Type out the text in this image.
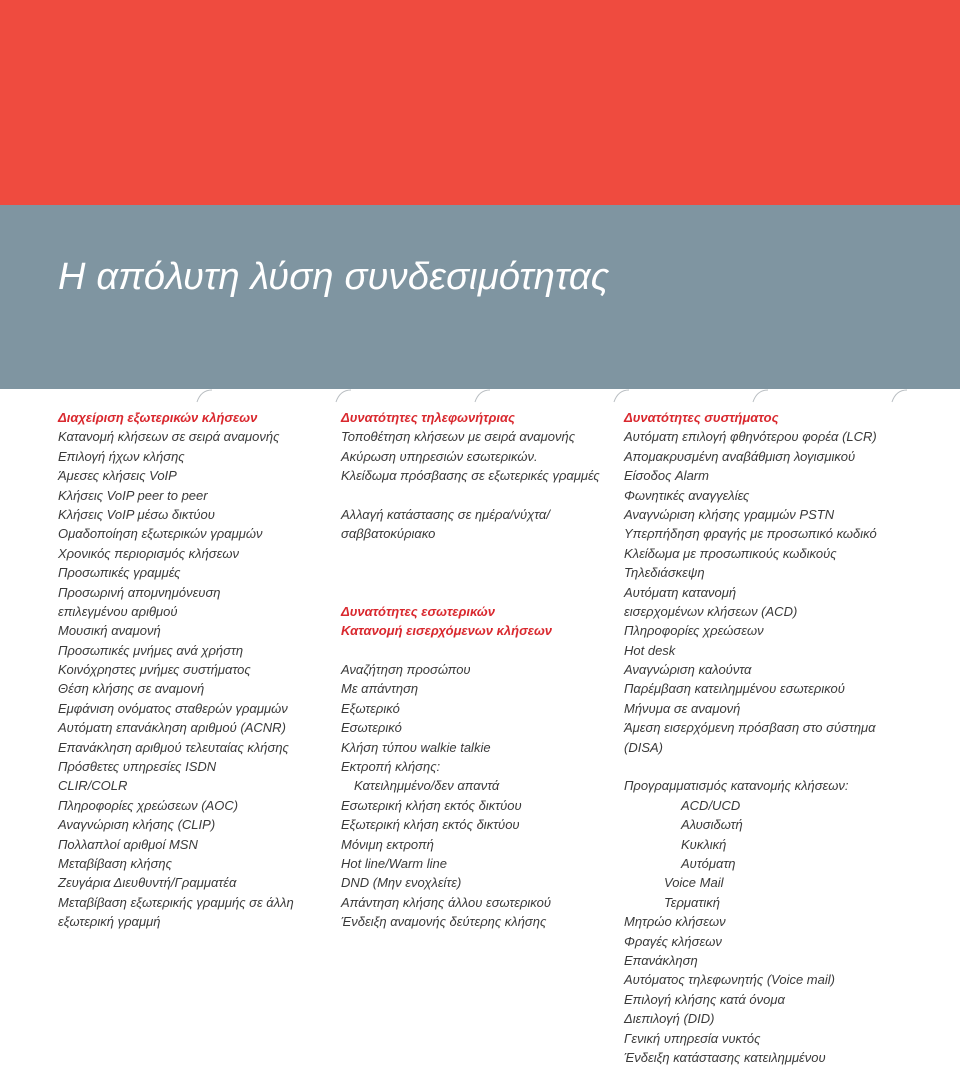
Η απόλυτη λύση συνδεσιμότητας
Διαχείριση εξωτερικών κλήσεων
Κατανομή κλήσεων σε σειρά αναμονής
Επιλογή ήχων κλήσης
Άμεσες κλήσεις VoIP
Κλήσεις VoIP peer to peer
Κλήσεις VoIP μέσω δικτύου
Ομαδοποίηση εξωτερικών γραμμών
Χρονικός περιορισμός κλήσεων
Προσωπικές γραμμές
Προσωρινή απομνημόνευση
επιλεγμένου αριθμού
Μουσική αναμονή
Προσωπικές μνήμες ανά χρήστη
Κοινόχρηστες μνήμες συστήματος
Θέση κλήσης σε αναμονή
Εμφάνιση ονόματος σταθερών γραμμών
Αυτόματη επανάκληση αριθμού (ACNR)
Επανάκληση αριθμού τελευταίας κλήσης
Πρόσθετες υπηρεσίες ISDN
CLIR/COLR
Πληροφορίες χρεώσεων (AOC)
Αναγνώριση κλήσης (CLIP)
Πολλαπλοί αριθμοί MSN
Μεταβίβαση κλήσης
Ζευγάρια Διευθυντή/Γραμματέα
Μεταβίβαση εξωτερικής γραμμής σε άλλη
εξωτερική γραμμή
Δυνατότητες τηλεφωνήτριας
Τοποθέτηση κλήσεων με σειρά αναμονής
Ακύρωση υπηρεσιών εσωτερικών.
Κλείδωμα πρόσβασης σε εξωτερικές γραμμές
Αλλαγή κατάστασης σε ημέρα/νύχτα/
σαββατοκύριακο
Δυνατότητες εσωτερικών
Κατανομή εισερχόμενων κλήσεων
Αναζήτηση προσώπου
Με απάντηση
Εξωτερικό
Εσωτερικό
Κλήση τύπου walkie talkie
Εκτροπή κλήσης:
Κατειλημμένο/δεν απαντά
Εσωτερική κλήση εκτός δικτύου
Εξωτερική κλήση εκτός δικτύου
Μόνιμη εκτροπή
Hot line/Warm line
DND (Μην ενοχλείτε)
Απάντηση κλήσης άλλου εσωτερικού
Ένδειξη αναμονής δεύτερης κλήσης
Δυνατότητες συστήματος
Αυτόματη επιλογή φθηνότερου φορέα (LCR)
Απομακρυσμένη αναβάθμιση λογισμικού
Είσοδος Alarm
Φωνητικές αναγγελίες
Αναγνώριση κλήσης γραμμών PSTN
Υπερπήδηση φραγής με προσωπικό κωδικό
Κλείδωμα με προσωπικούς κωδικούς
Τηλεδιάσκεψη
Αυτόματη κατανομή
εισερχομένων κλήσεων (ACD)
Πληροφορίες χρεώσεων
Hot desk
Αναγνώριση καλούντα
Παρέμβαση κατειλημμένου εσωτερικού
Μήνυμα σε αναμονή
Άμεση εισερχόμενη πρόσβαση στο σύστημα
(DISA)
Προγραμματισμός κατανομής κλήσεων:
ACD/UCD
Αλυσιδωτή
Κυκλική
Αυτόματη
Voice Mail
Τερματική
Μητρώο κλήσεων
Φραγές κλήσεων
Επανάκληση
Αυτόματος τηλεφωνητής (Voice mail)
Επιλογή κλήσης κατά όνομα
Διεπιλογή (DID)
Γενική υπηρεσία νυκτός
Ένδειξη κατάστασης κατειλημμένου
